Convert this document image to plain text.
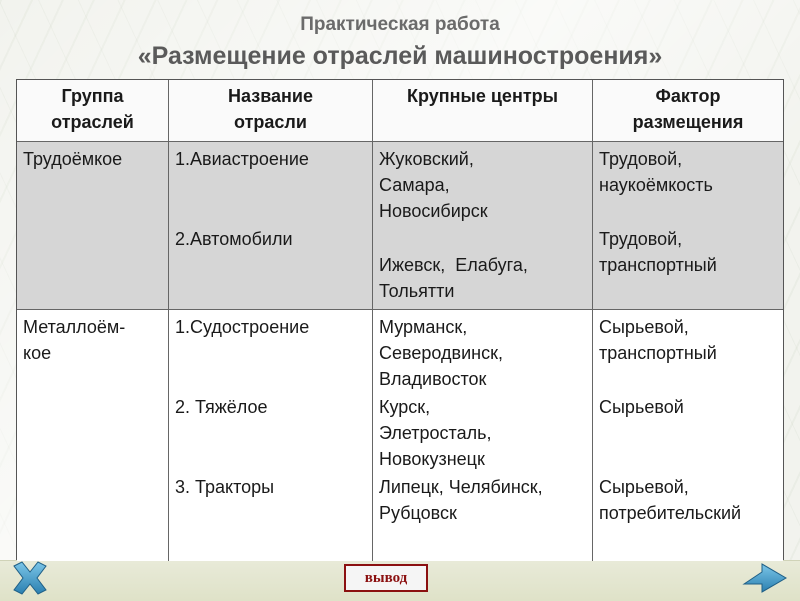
Практическая работа
«Размещение отраслей машиностроения»
Группа
отраслей
Название
отрасли
Крупные центры	Фактор
размещения
Трудоёмкое	1.Авиастроение
2.Автомобили
Жуковский,
Самара,
Новосибирск
Ижевск,  Елабуга,
Тольятти
Трудовой,
наукоёмкость
Трудовой,
транспортный
Металлоём-
кое
1.Судостроение
2. Тяжёлое
3. Тракторы
Мурманск,
Северодвинск,
Владивосток
Курск,
Элетросталь,
Новокузнецк
Липецк, Челябинск,
Рубцовск
Сырьевой,
транспортный
Сырьевой
Сырьевой,
потребительский
вывод
